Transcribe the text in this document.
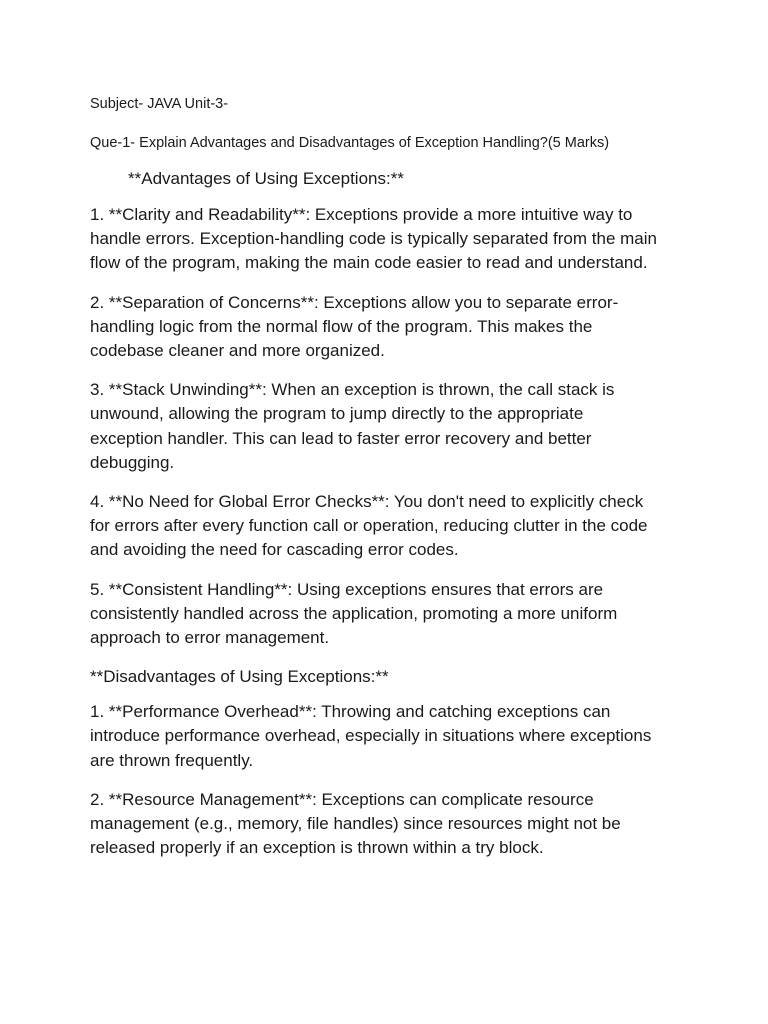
Subject- JAVA Unit-3-

Que-1- Explain Advantages and Disadvantages of Exception Handling?(5 Marks)

**Advantages of Using Exceptions:**

1. **Clarity and Readability**: Exceptions provide a more intuitive way to
handle errors. Exception-handling code is typically separated from the main
flow of the program, making the main code easier to read and understand.
2. **Separation of Concerns**: Exceptions allow you to separate error-
handling logic from the normal flow of the program. This makes the
codebase cleaner and more organized.
3. **Stack Unwinding**: When an exception is thrown, the call stack is
unwound, allowing the program to jump directly to the appropriate
exception handler. This can lead to faster error recovery and better
debugging.
4. **No Need for Global Error Checks**: You don't need to explicitly check
for errors after every function call or operation, reducing clutter in the code
and avoiding the need for cascading error codes.
5. **Consistent Handling**: Using exceptions ensures that errors are
consistently handled across the application, promoting a more uniform
approach to error management.

**Disadvantages of Using Exceptions:**

1. **Performance Overhead**: Throwing and catching exceptions can
introduce performance overhead, especially in situations where exceptions
are thrown frequently.
2. **Resource Management**: Exceptions can complicate resource
management (e.g., memory, file handles) since resources might not be
released properly if an exception is thrown within a try block.
